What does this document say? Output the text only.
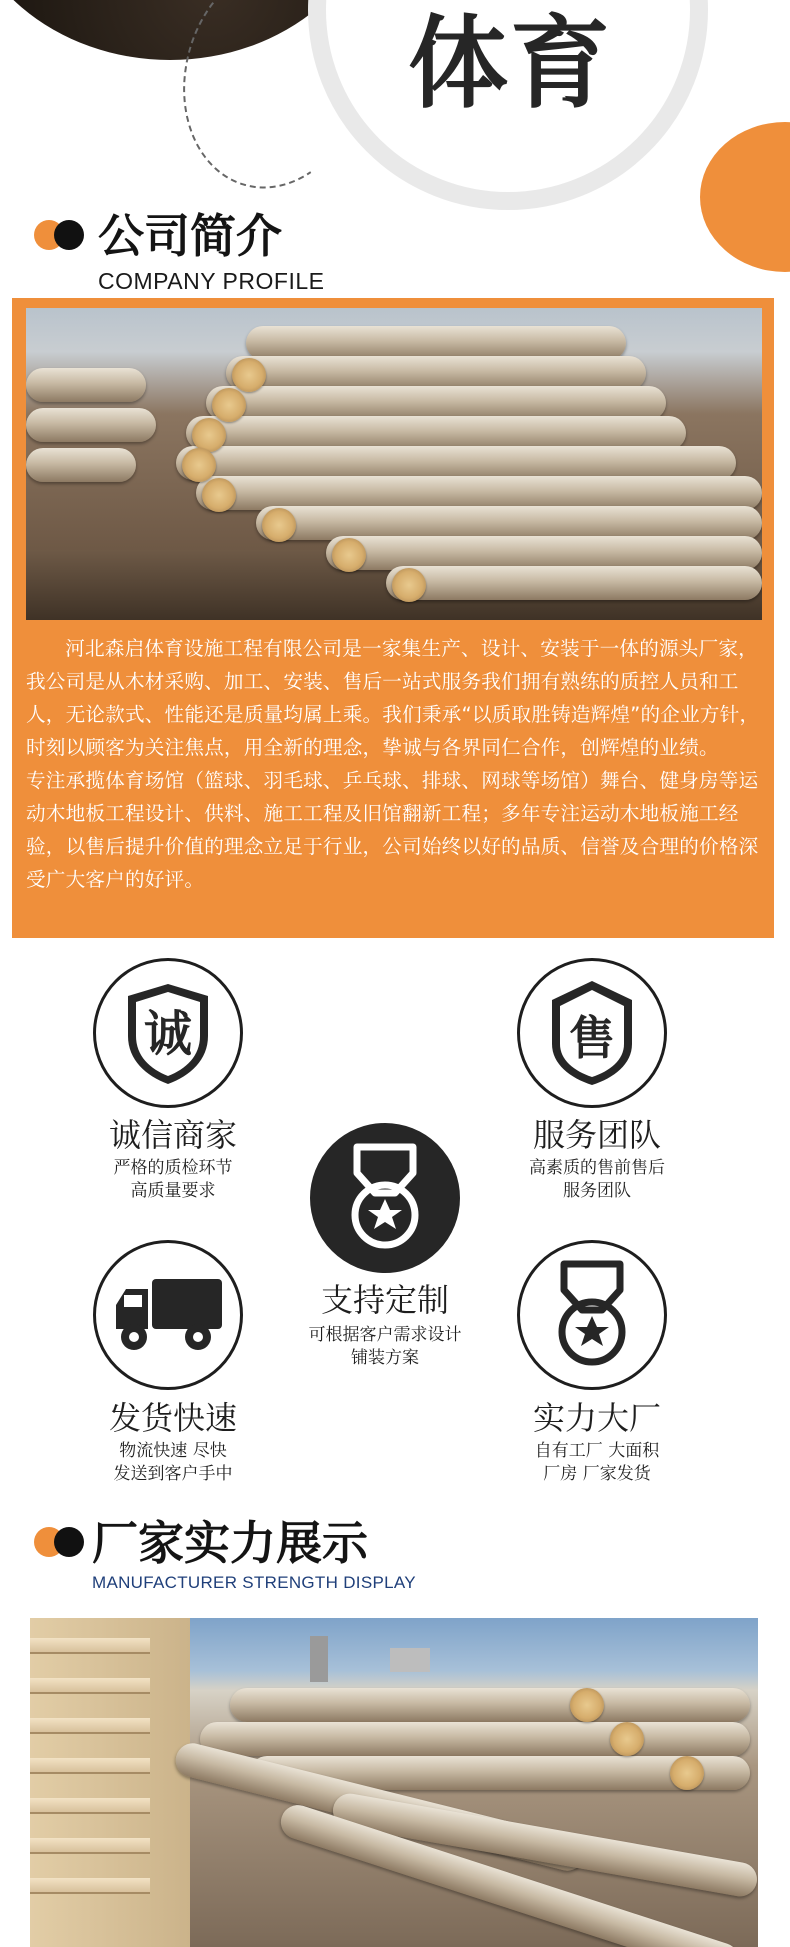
体育
公司简介
COMPANY PROFILE

河北森启体育设施工程有限公司是一家集生产、设计、安装于一体的源头厂家，我公司是从木材采购、加工、安装、售后一站式服务我们拥有熟练的质控人员和工人，无论款式、性能还是质量均属上乘。我们秉承“以质取胜铸造辉煌”的企业方针，时刻以顾客为关注焦点，用全新的理念，挚诚与各界同仁合作，创辉煌的业绩。

专注承揽体育场馆（篮球、羽毛球、乒乓球、排球、网球等场馆）舞台、健身房等运动木地板工程设计、供料、施工工程及旧馆翻新工程；多年专注运动木地板施工经验，以售后提升价值的理念立足于行业，公司始终以好的品质、信誉及合理的价格深受广大客户的好评。

诚
诚信商家
严格的质检环节
高质量要求
售
服务团队
高素质的售前售后
服务团队
支持定制
可根据客户需求设计
铺装方案
发货快速
物流快速 尽快
发送到客户手中
实力大厂
自有工厂 大面积
厂房 厂家发货
厂家实力展示
MANUFACTURER STRENGTH DISPLAY
